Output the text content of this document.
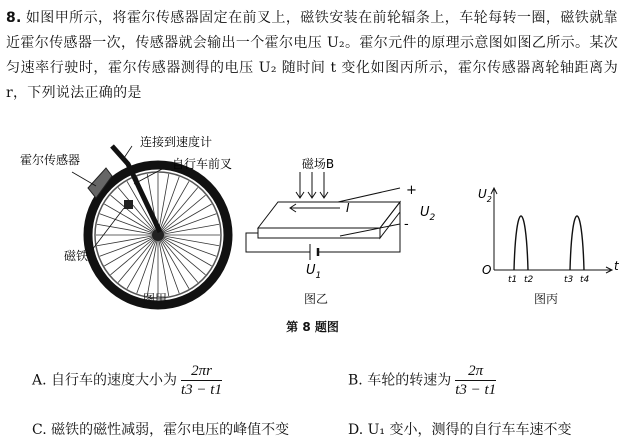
8. 如图甲所示，将霍尔传感器固定在前叉上，磁铁安装在前轮辐条上，车轮每转一圈，磁铁就靠近霍尔传感器一次，传感器就会输出一个霍尔电压 U₂。霍尔元件的原理示意图如图乙所示。某次匀速率行驶时，霍尔传感器测得的电压 U₂ 随时间 t 变化如图丙所示，霍尔传感器离轮轴距离为 r，下列说法正确的是
霍尔传感器
连接到速度计
自行车前叉
磁铁
磁场B
I
+
-
$U_2$
$U_1$
$U_2$
t
O
t1 t2	t3 t4
图甲	图乙	图丙
第 8 题图
A. 自行车的速度大小为 $\frac{2\pi r}{t3 - t1}$	B. 车轮的转速为 $\frac{2\pi}{t3 - t1}$
C. 磁铁的磁性减弱，霍尔电压的峰值不变	D. U₁ 变小，测得的自行车车速不变
